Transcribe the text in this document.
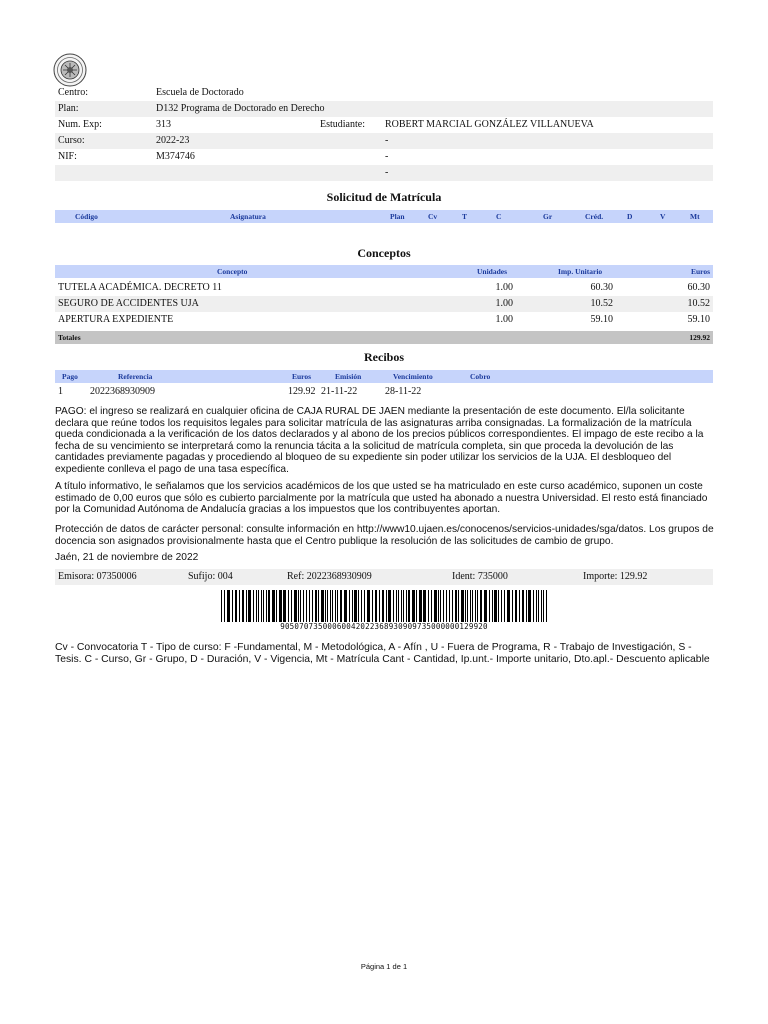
Centro:	Escuela de Doctorado
Plan:	D132 Programa de Doctorado en Derecho
Num. Exp:	313	Estudiante: ROBERT MARCIAL GONZÁLEZ VILLANUEVA
Curso:	2022-23	-
NIF:	M374746	-
-
Solicitud de Matrícula
Código	Asignatura	Plan	Cv	T	C	Gr	Créd.	D	V	Mt
Conceptos
Concepto	Unidades	Imp. Unitario	Euros
TUTELA ACADÉMICA. DECRETO 11	1.00	60.30	60.30
SEGURO DE ACCIDENTES UJA	1.00	10.52	10.52
APERTURA EXPEDIENTE	1.00	59.10	59.10
Totales	129.92
Recibos
Pago	Referencia	Euros	Emisión	Vencimiento	Cobro
1	2022368930909	129.92 21-11-22	28-11-22
PAGO: el ingreso se realizará en cualquier oficina de CAJA RURAL DE JAEN mediante la presentación de este documento. El/la solicitante declara que reúne todos los requisitos legales para solicitar matrícula de las asignaturas arriba consignadas. La formalización de la matrícula queda condicionada a la verificación de los datos declarados y al abono de los precios públicos correspondientes. El impago de este recibo a la fecha de su vencimiento se interpretará como la renuncia tácita a la solicitud de matrícula completa, sin que proceda la devolución de las cantidades previamente pagadas y procediendo al bloqueo de su expediente sin poder utilizar los servicios de la UJA. El desbloqueo del expediente conlleva el pago de una tasa específica.
A título informativo, le señalamos que los servicios académicos de los que usted se ha matriculado en este curso académico, suponen un coste estimado de 0,00 euros que sólo es cubierto parcialmente por la matrícula que usted ha abonado a nuestra Universidad. El resto está financiado por la Comunidad Autónoma de Andalucía gracias a los impuestos que los contribuyentes aportan.
Protección de datos de carácter personal: consulte información en http://www10.ujaen.es/conocenos/servicios-unidades/sga/datos. Los grupos de docencia son asignados provisionalmente hasta que el Centro publique la resolución de las solicitudes de cambio de grupo.
Jaén, 21 de noviembre de 2022
Emisora: 07350006	Sufijo: 004	Ref: 2022368930909	Ident: 735000	Importe: 129.92
90507073500060042022368930909735000000129920
Cv - Convocatoria T - Tipo de curso: F -Fundamental, M - Metodológica, A - Afín , U - Fuera de Programa, R - Trabajo de Investigación, S - Tesis. C - Curso, Gr - Grupo, D - Duración, V - Vigencia, Mt - Matrícula Cant - Cantidad, Ip.unt.- Importe unitario, Dto.apl.- Descuento aplicable
Página 1 de 1
